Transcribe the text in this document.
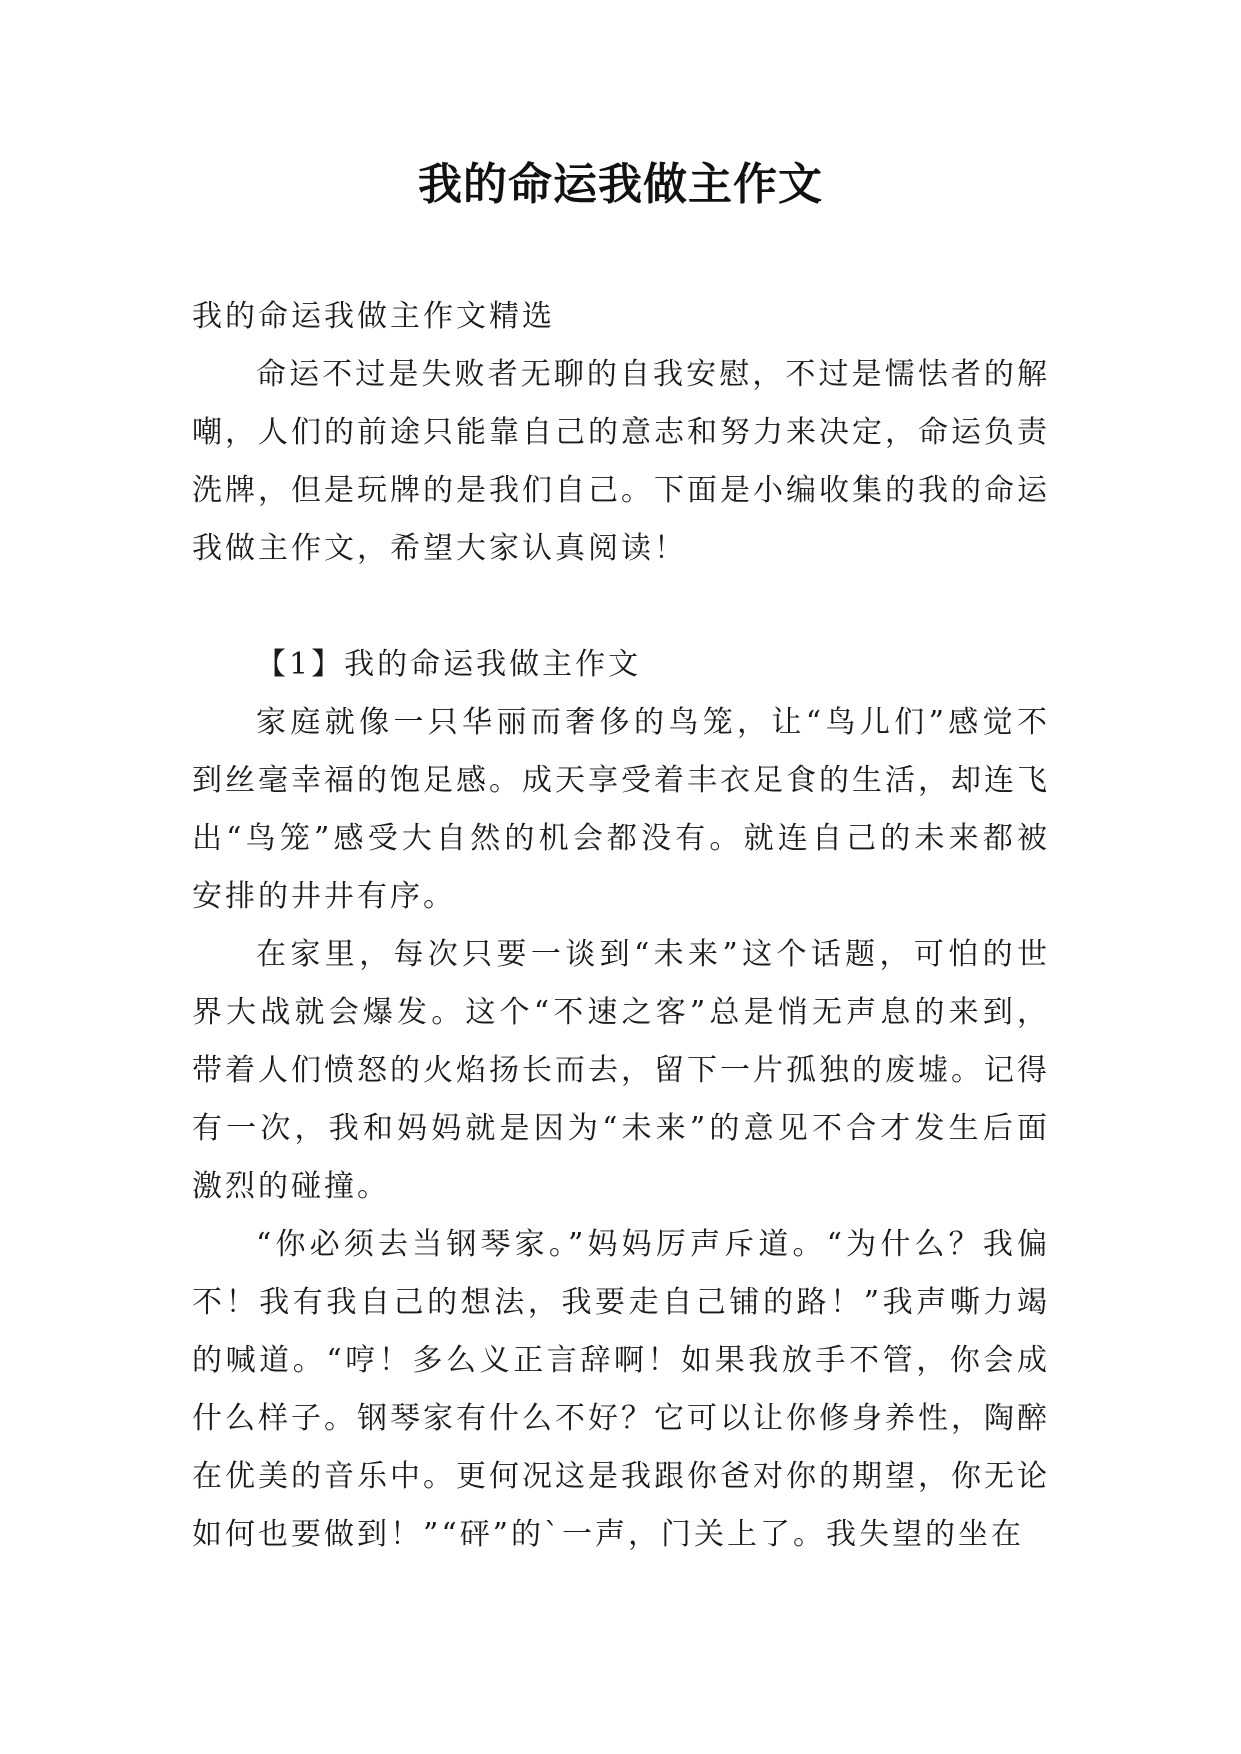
我的命运我做主作文

我的命运我做主作文精选

命运不过是失败者无聊的自我安慰，不过是懦怯者的解嘲，人们的前途只能靠自己的意志和努力来决定，命运负责洗牌，但是玩牌的是我们自己。下面是小编收集的我的命运我做主作文，希望大家认真阅读！

【1】我的命运我做主作文

家庭就像一只华丽而奢侈的鸟笼，让“鸟儿们”感觉不到丝毫幸福的饱足感。成天享受着丰衣足食的生活，却连飞出“鸟笼”感受大自然的机会都没有。就连自己的未来都被安排的井井有序。

在家里，每次只要一谈到“未来”这个话题，可怕的世界大战就会爆发。这个“不速之客”总是悄无声息的来到，带着人们愤怒的火焰扬长而去，留下一片孤独的废墟。记得有一次，我和妈妈就是因为“未来”的意见不合才发生后面激烈的碰撞。

“你必须去当钢琴家。”妈妈厉声斥道。“为什么？我偏不！我有我自己的想法，我要走自己铺的路！”我声嘶力竭的喊道。“哼！多么义正言辞啊！如果我放手不管，你会成什么样子。钢琴家有什么不好？它可以让你修身养性，陶醉在优美的音乐中。更何况这是我跟你爸对你的期望，你无论如何也要做到！”“砰”的`一声，门关上了。我失望的坐在
